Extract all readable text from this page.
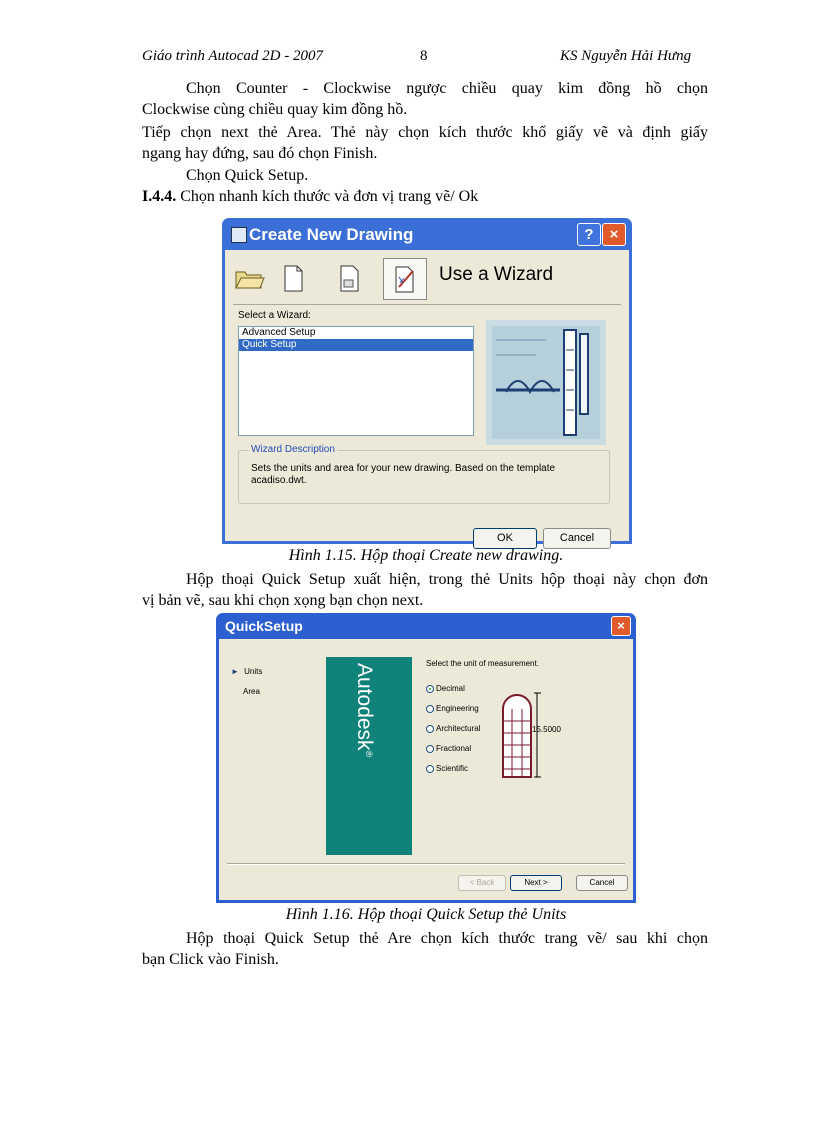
Giáo trình Autocad 2D - 2007	8	KS Nguyễn Hải Hưng
Chọn Counter - Clockwise ngược chiều quay kim đồng hồ chọn
Clockwise cùng chiều quay kim đồng hồ.
Tiếp chọn next thẻ Area. Thẻ này chọn kích thước khổ giấy vẽ và định giấy
ngang hay đứng, sau đó chọn Finish.
Chọn Quick Setup.
I.4.4. Chọn nhanh kích thước và đơn vị trang vẽ/ Ok
Create New Drawing	?	×
Use a Wizard
Select a Wizard:
Advanced Setup
Quick Setup
Wizard Description
Sets the units and area for your new drawing. Based on the template acadiso.dwt.
OK	Cancel
Hình 1.15. Hộp thoại Create new drawing.
Hộp thoại Quick Setup xuất hiện, trong thẻ Units hộp thoại này chọn đơn
vị bản vẽ, sau khi chọn xọng bạn chọn next.
QuickSetup	×
► Units
Area	Autodesk®
Select the unit of measurement.
Decimal
Engineering
Architectural
Fractional
Scientific
15.5000
< Back	Next >	Cancel
Hình 1.16. Hộp thoại Quick Setup thẻ Units
Hộp thoại Quick Setup thẻ Are chọn kích thước trang vẽ/ sau khi chọn
bạn Click vào Finish.
